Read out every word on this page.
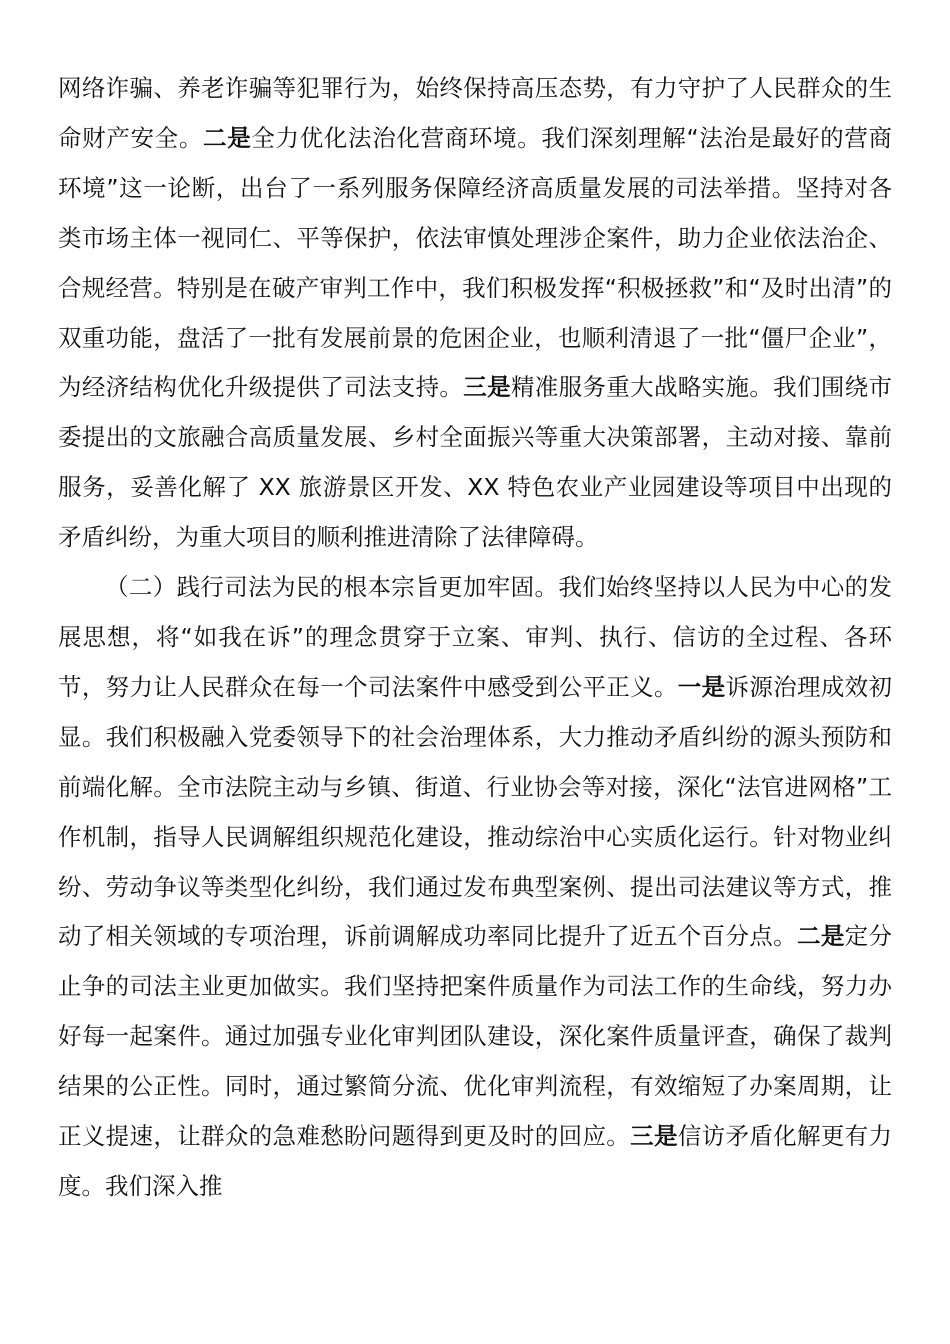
网络诈骗、养老诈骗等犯罪行为，始终保持高压态势，有力守护了人民群众的生命财产安全。二是全力优化法治化营商环境。我们深刻理解“法治是最好的营商环境”这一论断，出台了一系列服务保障经济高质量发展的司法举措。坚持对各类市场主体一视同仁、平等保护，依法审慎处理涉企案件，助力企业依法治企、合规经营。特别是在破产审判工作中，我们积极发挥“积极拯救”和“及时出清”的双重功能，盘活了一批有发展前景的危困企业，也顺利清退了一批“僵尸企业”，为经济结构优化升级提供了司法支持。三是精准服务重大战略实施。我们围绕市委提出的文旅融合高质量发展、乡村全面振兴等重大决策部署，主动对接、靠前服务，妥善化解了 XX 旅游景区开发、XX 特色农业产业园建设等项目中出现的矛盾纠纷，为重大项目的顺利推进清除了法律障碍。

（二）践行司法为民的根本宗旨更加牢固。我们始终坚持以人民为中心的发展思想，将“如我在诉”的理念贯穿于立案、审判、执行、信访的全过程、各环节，努力让人民群众在每一个司法案件中感受到公平正义。一是诉源治理成效初显。我们积极融入党委领导下的社会治理体系，大力推动矛盾纠纷的源头预防和前端化解。全市法院主动与乡镇、街道、行业协会等对接，深化“法官进网格”工作机制，指导人民调解组织规范化建设，推动综治中心实质化运行。针对物业纠纷、劳动争议等类型化纠纷，我们通过发布典型案例、提出司法建议等方式，推动了相关领域的专项治理，诉前调解成功率同比提升了近五个百分点。二是定分止争的司法主业更加做实。我们坚持把案件质量作为司法工作的生命线，努力办好每一起案件。通过加强专业化审判团队建设，深化案件质量评查，确保了裁判结果的公正性。同时，通过繁简分流、优化审判流程，有效缩短了办案周期，让正义提速，让群众的急难愁盼问题得到更及时的回应。三是信访矛盾化解更有力度。我们深入推
